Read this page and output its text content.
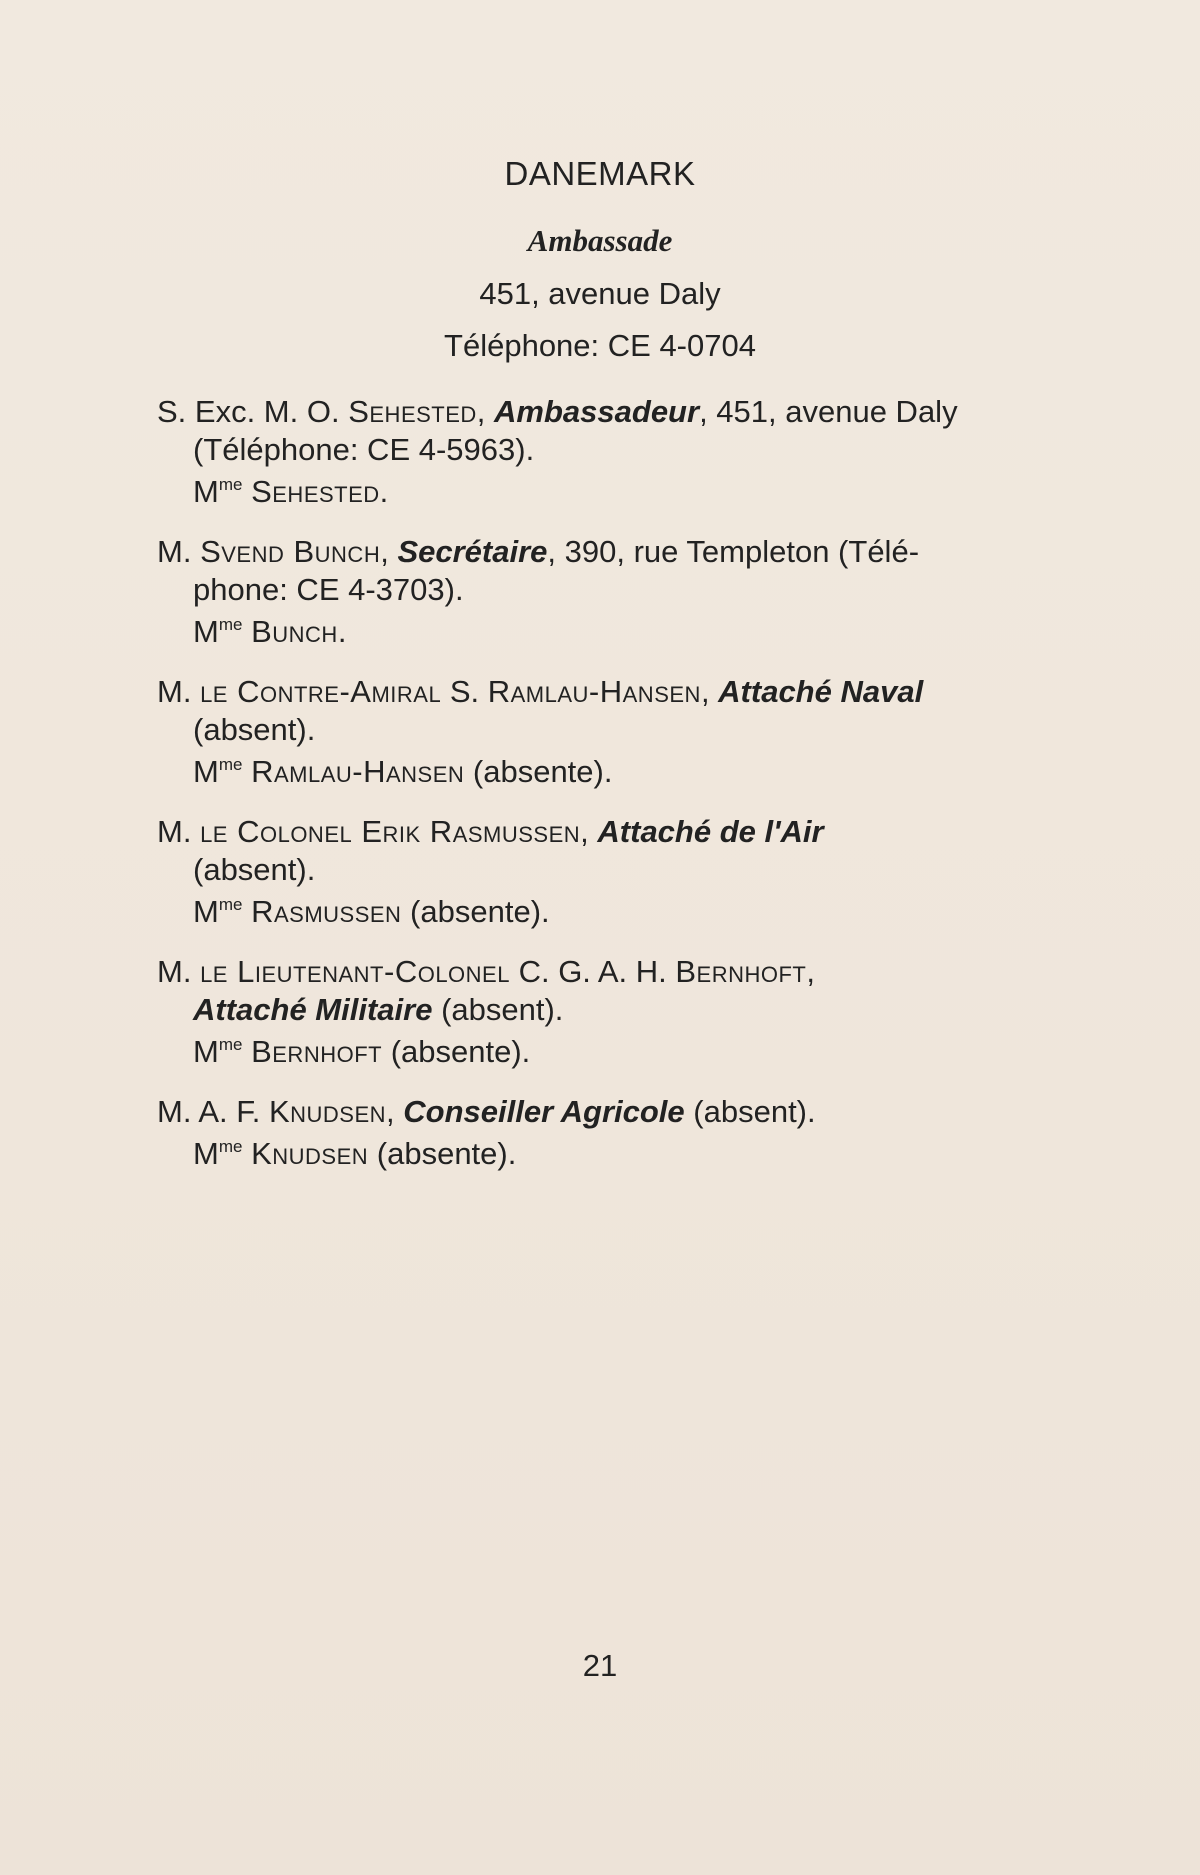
DANEMARK
Ambassade
451, avenue Daly
Téléphone: CE 4-0704
S. Exc. M. O. Sehested, Ambassadeur, 451, avenue Daly
(Téléphone: CE 4-5963).
$M^{me}$ Sehested.
M. Svend Bunch, Secrétaire, 390, rue Templeton (Télé-
phone: CE 4-3703).
$M^{me}$ Bunch.
M. le Contre-Amiral S. Ramlau-Hansen, Attaché Naval
(absent).
$M^{me}$ Ramlau-Hansen (absente).
M. le Colonel Erik Rasmussen, Attaché de l'Air
(absent).
$M^{me}$ Rasmussen (absente).
M. le Lieutenant-Colonel C. G. A. H. Bernhoft,
Attaché Militaire (absent).
$M^{me}$ Bernhoft (absente).
M. A. F. Knudsen, Conseiller Agricole (absent).
$M^{me}$ Knudsen (absente).
21
